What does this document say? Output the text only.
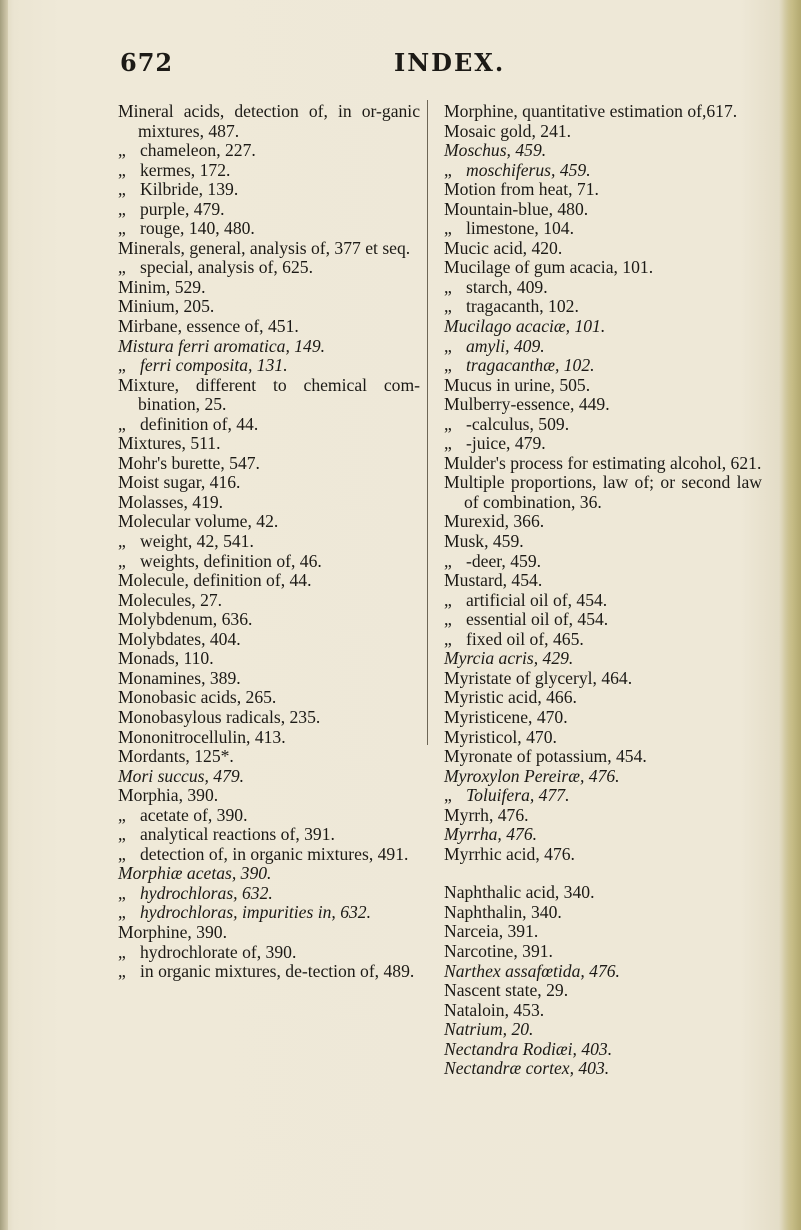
672	INDEX.

Mineral acids, detection of, in or-ganic mixtures, 487.

„ chameleon, 227.

„ kermes, 172.

„ Kilbride, 139.

„ purple, 479.

„ rouge, 140, 480.

Minerals, general, analysis of, 377 et seq.

„ special, analysis of, 625.

Minim, 529.

Minium, 205.

Mirbane, essence of, 451.

Mistura ferri aromatica, 149.

„ ferri composita, 131.

Mixture, different to chemical com-bination, 25.

„ definition of, 44.

Mixtures, 511.

Mohr's burette, 547.

Moist sugar, 416.

Molasses, 419.

Molecular volume, 42.

„ weight, 42, 541.

„ weights, definition of, 46.

Molecule, definition of, 44.

Molecules, 27.

Molybdenum, 636.

Molybdates, 404.

Monads, 110.

Monamines, 389.

Monobasic acids, 265.

Monobasylous radicals, 235.

Mononitrocellulin, 413.

Mordants, 125*.

Mori succus, 479.

Morphia, 390.

„ acetate of, 390.

„ analytical reactions of, 391.

„ detection of, in organic mixtures, 491.

Morphiæ acetas, 390.

„ hydrochloras, 632.

„ hydrochloras, impurities in, 632.

Morphine, 390.

„ hydrochlorate of, 390.

„ in organic mixtures, de-tection of, 489.

Morphine, quantitative estimation of,617.

Mosaic gold, 241.

Moschus, 459.

„ moschiferus, 459.

Motion from heat, 71.

Mountain-blue, 480.

„ limestone, 104.

Mucic acid, 420.

Mucilage of gum acacia, 101.

„ starch, 409.

„ tragacanth, 102.

Mucilago acaciæ, 101.

„ amyli, 409.

„ tragacanthæ, 102.

Mucus in urine, 505.

Mulberry-essence, 449.

„ -calculus, 509.

„ -juice, 479.

Mulder's process for estimating alcohol, 621.

Multiple proportions, law of; or second law of combination, 36.

Murexid, 366.

Musk, 459.

„ -deer, 459.

Mustard, 454.

„ artificial oil of, 454.

„ essential oil of, 454.

„ fixed oil of, 465.

Myrcia acris, 429.

Myristate of glyceryl, 464.

Myristic acid, 466.

Myristicene, 470.

Myristicol, 470.

Myronate of potassium, 454.

Myroxylon Pereiræ, 476.

„ Toluifera, 477.

Myrrh, 476.

Myrrha, 476.

Myrrhic acid, 476.

Naphthalic acid, 340.

Naphthalin, 340.

Narceia, 391.

Narcotine, 391.

Narthex assafœtida, 476.

Nascent state, 29.

Nataloin, 453.

Natrium, 20.

Nectandra Rodiæi, 403.

Nectandræ cortex, 403.
